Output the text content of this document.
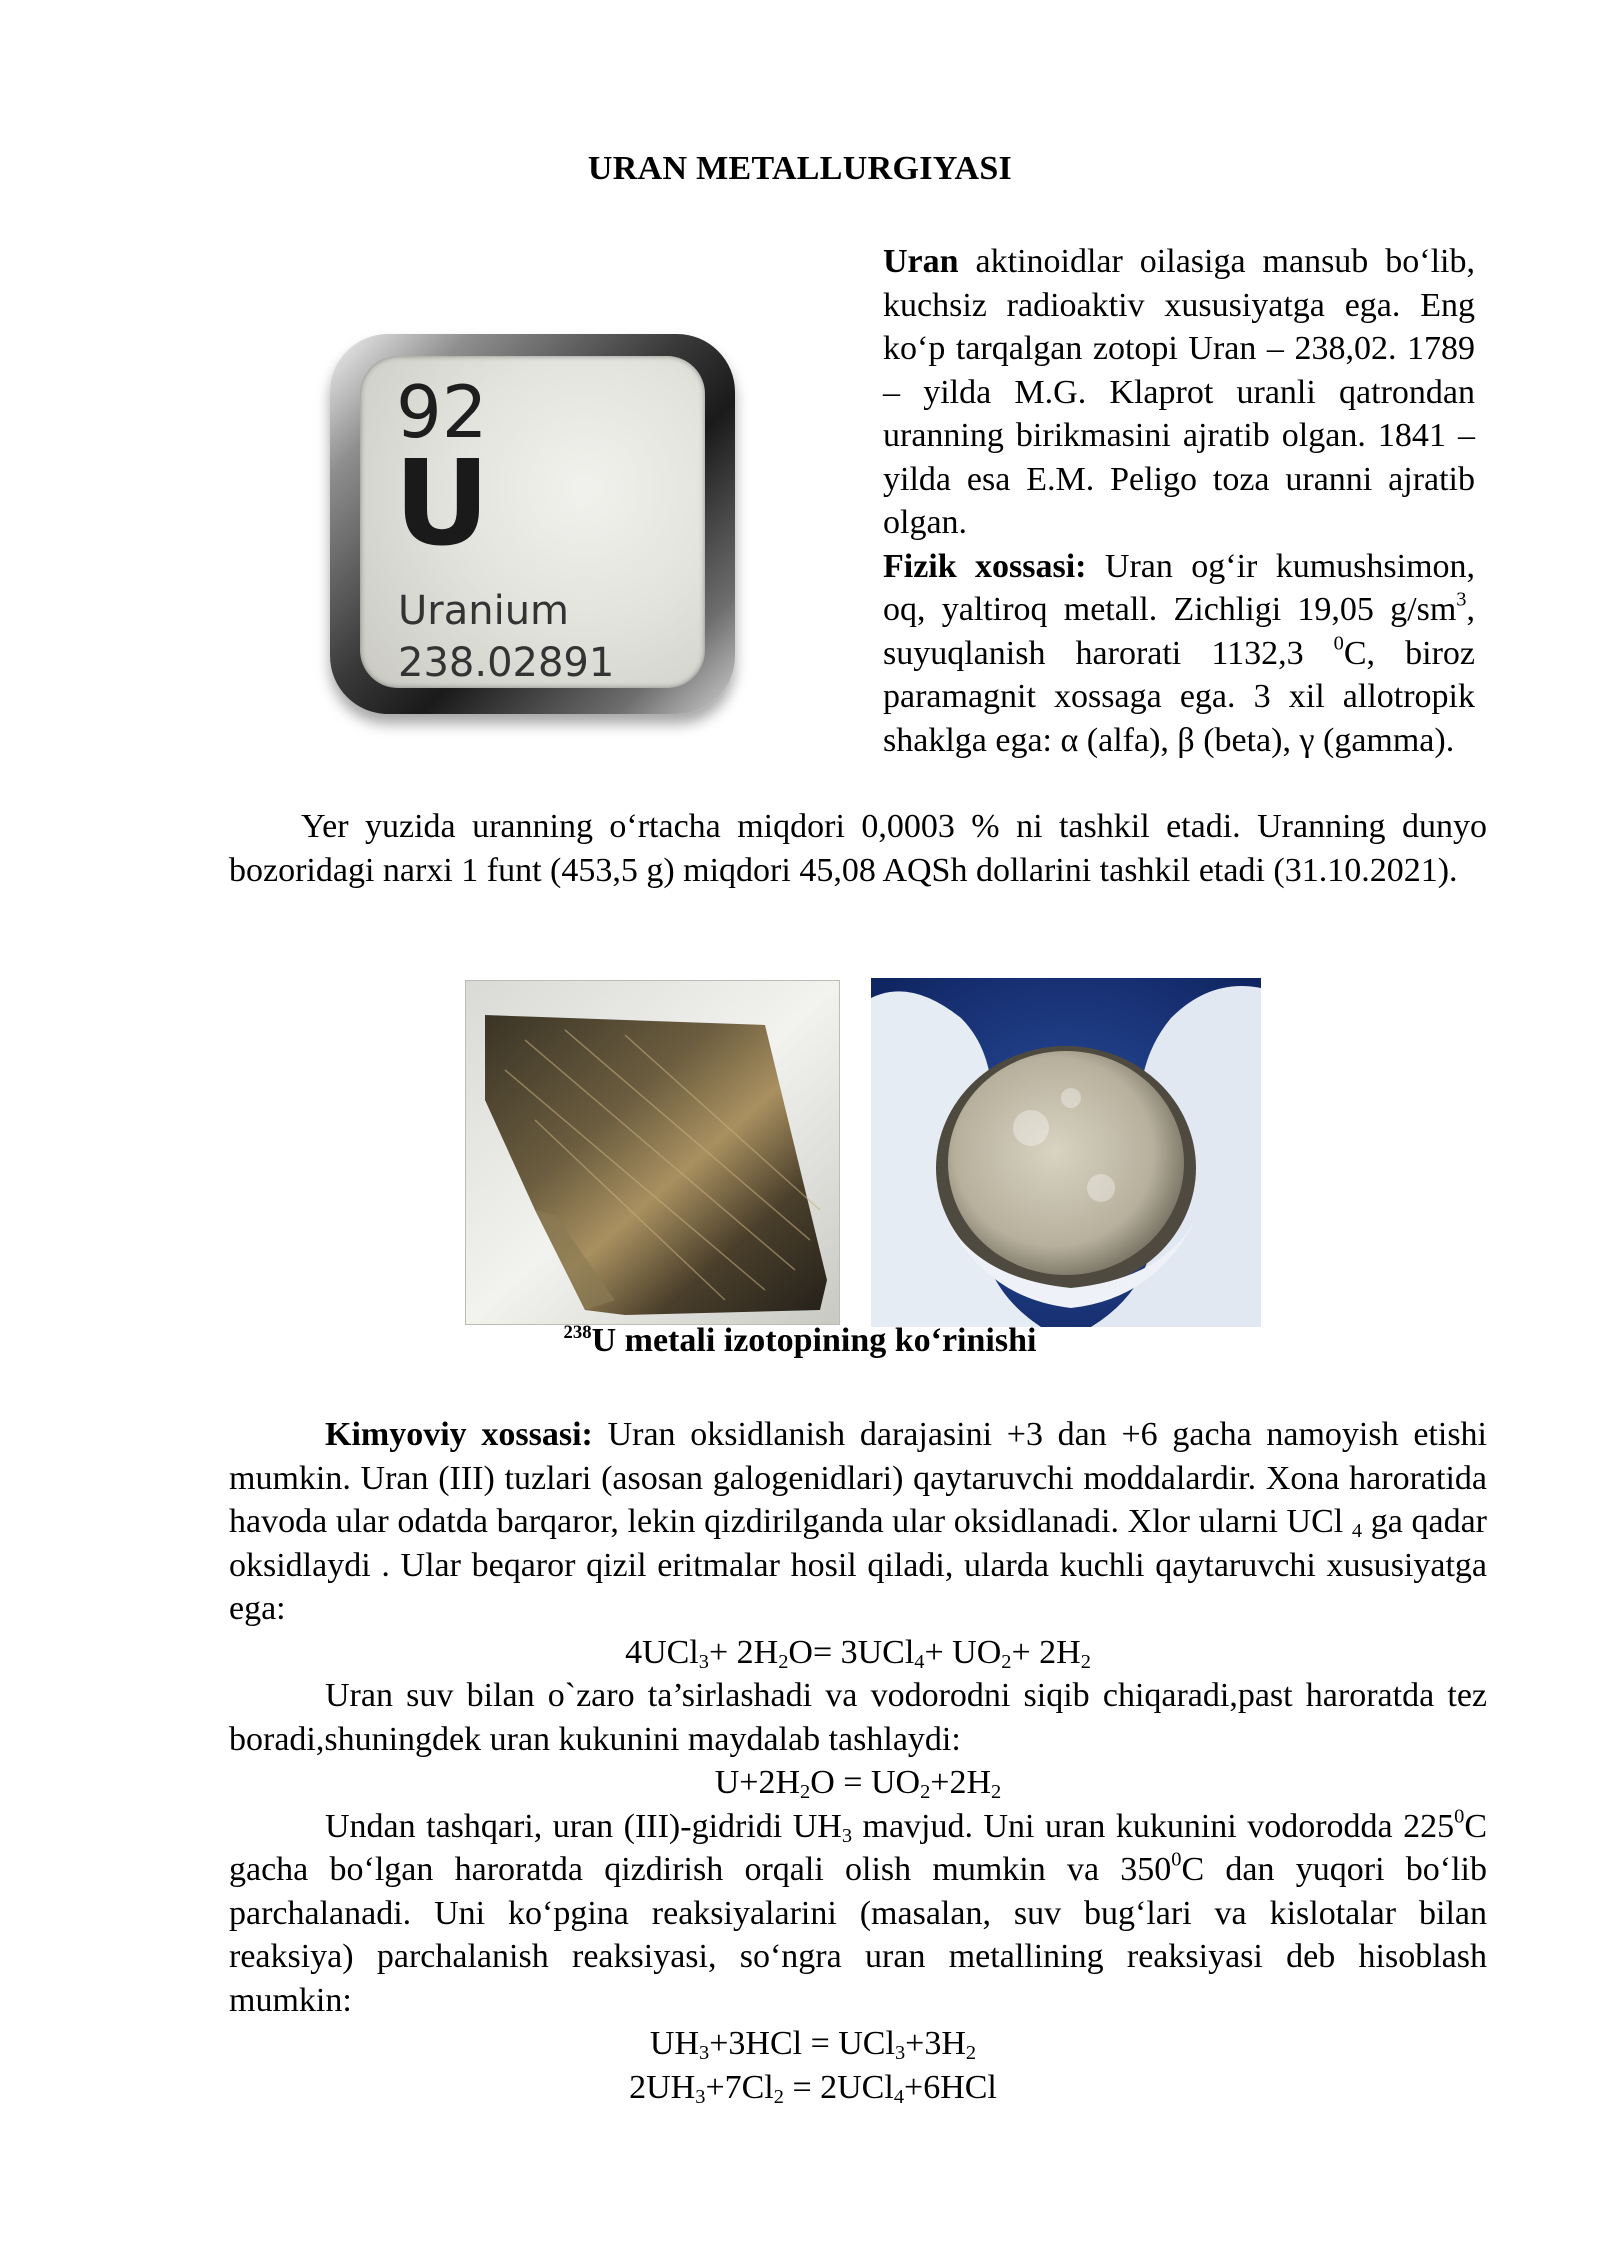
URAN METALLURGIYASI
92
U
Uranium
238.02891

Uran aktinoidlar oilasiga mansub bo‘lib, kuchsiz radioaktiv xususiyatga ega. Eng ko‘p tarqalgan zotopi Uran – 238,02. 1789 – yilda M.G. Klaprot uranli qatrondan uranning birikmasini ajratib olgan. 1841 – yilda esa E.M. Peligo toza uranni ajratib olgan.

Fizik xossasi: Uran og‘ir kumushsimon, oq, yaltiroq metall. Zichligi 19,05 $g/sm^3$, suyuqlanish harorati 1132,3 $^0$C, biroz paramagnit xossaga ega. 3 xil allotropik shaklga ega: α (alfa), β (beta), γ (gamma).

Yer yuzida uranning o‘rtacha miqdori 0,0003 % ni tashkil etadi. Uranning dunyo bozoridagi narxi 1 funt (453,5 g) miqdori 45,08 AQSh dollarini tashkil etadi (31.10.2021).
$^{238}$U metali izotopining ko‘rinishi

Kimyoviy xossasi: Uran oksidlanish darajasini +3 dan +6 gacha namoyish etishi mumkin. Uran (III) tuzlari (asosan galogenidlari) qaytaruvchi moddalardir. Xona haroratida havoda ular odatda barqaror, lekin qizdirilganda ular oksidlanadi. Xlor ularni UCl $_4$ ga qadar oksidlaydi . Ular beqaror qizil eritmalar hosil qiladi, ularda kuchli qaytaruvchi xususiyatga ega:

$4UCl_3+ 2H_2O= 3UCl_4+ UO_2+ 2H_2$

Uran suv bilan o`zaro ta’sirlashadi va vodorodni siqib chiqaradi,past haroratda tez boradi,shuningdek uran kukunini maydalab tashlaydi:

$U+2H_2O = UO_2+2H_2$

Undan tashqari, uran (III)-gidridi $UH_3$ mavjud. Uni uran kukunini vodorodda $225^0C$ gacha bo‘lgan haroratda qizdirish orqali olish mumkin va $350^0C$ dan yuqori bo‘lib parchalanadi. Uni ko‘pgina reaksiyalarini (masalan, suv bug‘lari va kislotalar bilan reaksiya) parchalanish reaksiyasi, so‘ngra uran metallining reaksiyasi deb hisoblash mumkin:

$UH_3+3HCl = UCl_3+3H_2$

$2UH_3+7Cl_2 = 2UCl_4+6HCl$
